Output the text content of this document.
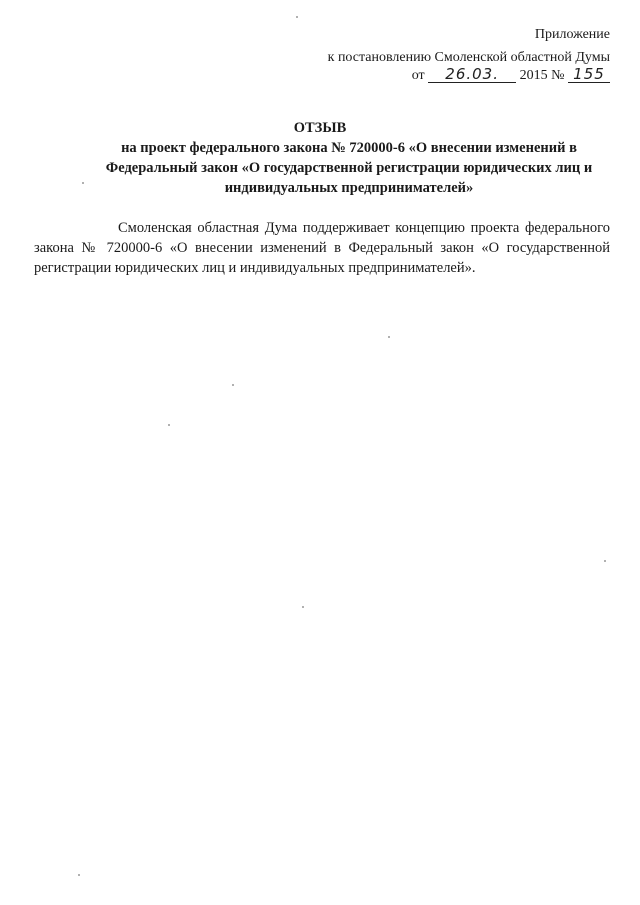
Приложение
к постановлению Смоленской областной Думы
от 26.03. 2015 № 155
ОТЗЫВ
на проект федерального закона № 720000-6 «О внесении изменений в Федеральный закон «О государственной регистрации юридических лиц и индивидуальных предпринимателей»

Смоленская областная Дума поддерживает концепцию проекта федерального закона № 720000-6 «О внесении изменений в Федеральный закон «О государственной регистрации юридических лиц и индивидуальных предпринимателей».
